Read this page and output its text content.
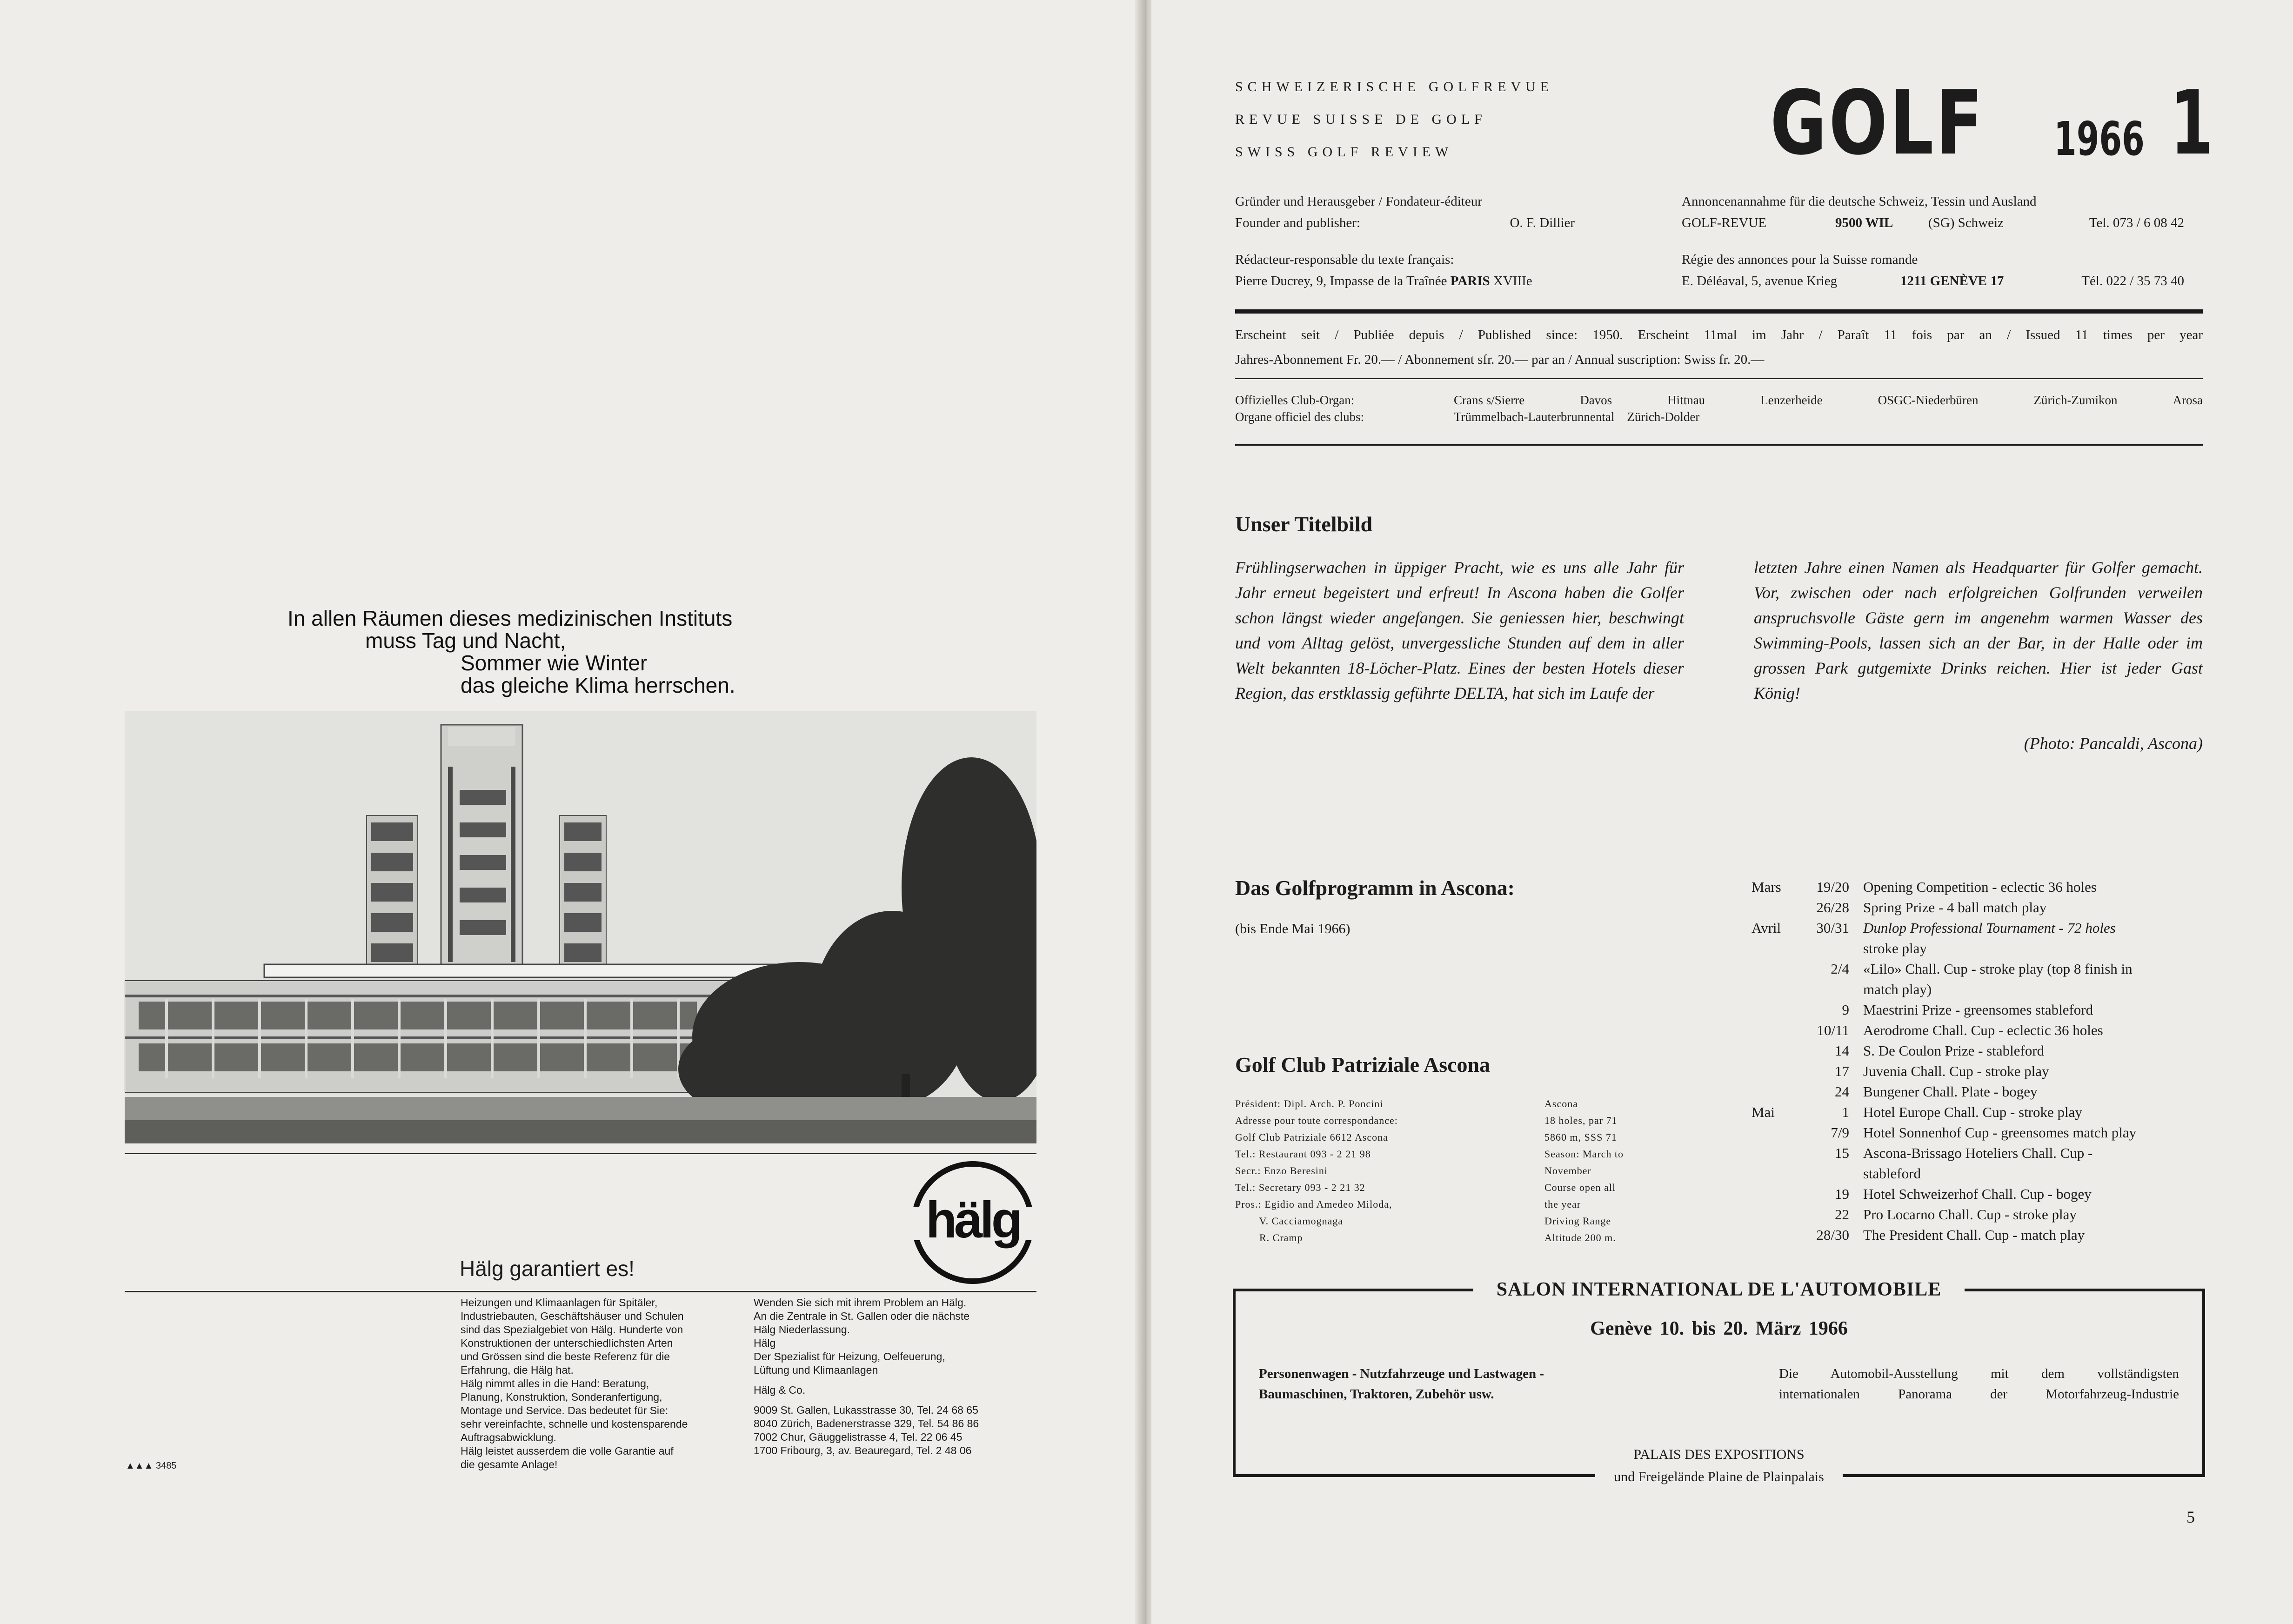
In allen Räumen dieses medizinischen Instituts
muss Tag und Nacht,
Sommer wie Winter
das gleiche Klima herrschen.
Hälg garantiert es!
hälg
Heizungen und Klimaanlagen für Spitäler,
Industriebauten, Geschäftshäuser und Schulen
sind das Spezialgebiet von Hälg. Hunderte von
Konstruktionen der unterschiedlichsten Arten
und Grössen sind die beste Referenz für die
Erfahrung, die Hälg hat.
Hälg nimmt alles in die Hand: Beratung,
Planung, Konstruktion, Sonderanfertigung,
Montage und Service. Das bedeutet für Sie:
sehr vereinfachte, schnelle und kostensparende
Auftragsabwicklung.
Hälg leistet ausserdem die volle Garantie auf
die gesamte Anlage!
Wenden Sie sich mit ihrem Problem an Hälg.
An die Zentrale in St. Gallen oder die nächste
Hälg Niederlassung.
Hälg
Der Spezialist für Heizung, Oelfeuerung,
Lüftung und Klimaanlagen
Hälg & Co.
9009 St. Gallen, Lukasstrasse 30, Tel. 24 68 65
8040 Zürich, Badenerstrasse 329, Tel. 54 86 86
7002 Chur, Gäuggelistrasse 4, Tel. 22 06 45
1700 Fribourg, 3, av. Beauregard, Tel. 2 48 06
▲▲▲ 3485
SCHWEIZERISCHE GOLFREVUE
REVUE SUISSE DE GOLF
SWISS GOLF REVIEW	GOLF 1966 1
Gründer und Herausgeber / Fondateur-éditeur
Founder and publisher:	O. F. Dillier
Annoncenannahme für die deutsche Schweiz, Tessin und Ausland
GOLF-REVUE	9500 WIL	(SG) Schweiz	Tel. 073 / 6 08 42
Rédacteur-responsable du texte français:
Pierre Ducrey, 9, Impasse de la Traînée PARIS XVIIIe
Régie des annonces pour la Suisse romande
E. Déléaval, 5, avenue Krieg	1211 GENÈVE 17	Tél. 022 / 35 73 40
Erscheint seit / Publiée depuis / Published since: 1950. Erscheint 11mal im Jahr / Paraît 11 fois par an / Issued 11 times per year
Jahres-Abonnement Fr. 20.— / Abonnement sfr. 20.— par an / Annual suscription: Swiss fr. 20.—
Offizielles Club-Organ:	Crans s/Sierre	Davos	Hittnau	Lenzerheide	OSGC-Niederbüren	Zürich-Zumikon	Arosa
Organe officiel des clubs:	Trümmelbach-Lauterbrunnental    Zürich-Dolder
Unser Titelbild
Frühlingserwachen in üppiger Pracht, wie es uns alle Jahr für Jahr erneut begeistert und erfreut! In Ascona haben die Golfer schon längst wieder angefangen. Sie geniessen hier, beschwingt und vom Alltag gelöst, unvergessliche Stunden auf dem in aller Welt bekannten 18-Löcher-Platz. Eines der besten Hotels dieser Region, das erstklassig geführte DELTA, hat sich im Laufe der
letzten Jahre einen Namen als Headquarter für Golfer gemacht. Vor, zwischen oder nach erfolgreichen Golfrunden verweilen anspruchsvolle Gäste gern im angenehm warmen Wasser des Swimming-Pools, lassen sich an der Bar, in der Halle oder im grossen Park gutgemixte Drinks reichen. Hier ist jeder Gast König!
(Photo: Pancaldi, Ascona)
Das Golfprogramm in Ascona:
(bis Ende Mai 1966)
Mars	19/20 Opening Competition - eclectic 36 holes
26/28 Spring Prize - 4 ball match play
Avril	30/31 Dunlop Professional Tournament - 72 holes
stroke play
2/4 «Lilo» Chall. Cup - stroke play (top 8 finish in
match play)
9 Maestrini Prize - greensomes stableford
10/11 Aerodrome Chall. Cup - eclectic 36 holes
14 S. De Coulon Prize - stableford
17 Juvenia Chall. Cup - stroke play
24 Bungener Chall. Plate - bogey
Mai	1 Hotel Europe Chall. Cup - stroke play
7/9 Hotel Sonnenhof Cup - greensomes match play
15 Ascona-Brissago Hoteliers Chall. Cup -
stableford
19 Hotel Schweizerhof Chall. Cup - bogey
22 Pro Locarno Chall. Cup - stroke play
28/30 The President Chall. Cup - match play
Golf Club Patriziale Ascona
Président: Dipl. Arch. P. Poncini
Adresse pour toute correspondance:
Golf Club Patriziale 6612 Ascona
Tel.: Restaurant 093 - 2 21 98
Secr.: Enzo Beresini
Tel.: Secretary 093 - 2 21 32
Pros.: Egidio and Amedeo Miloda,
V. Cacciamognaga
R. Cramp
Ascona
18 holes, par 71
5860 m, SSS 71
Season: March to
November
Course open all
the year
Driving Range
Altitude 200 m.
SALON INTERNATIONAL DE L'AUTOMOBILE
Genève 10. bis 20. März 1966
Personenwagen - Nutzfahrzeuge und Lastwagen -
Baumaschinen, Traktoren, Zubehör usw.
Die Automobil-Ausstellung mit dem vollständigsten
internationalen Panorama der Motorfahrzeug-Industrie
PALAIS DES EXPOSITIONS
und Freigelände Plaine de Plainpalais
5
